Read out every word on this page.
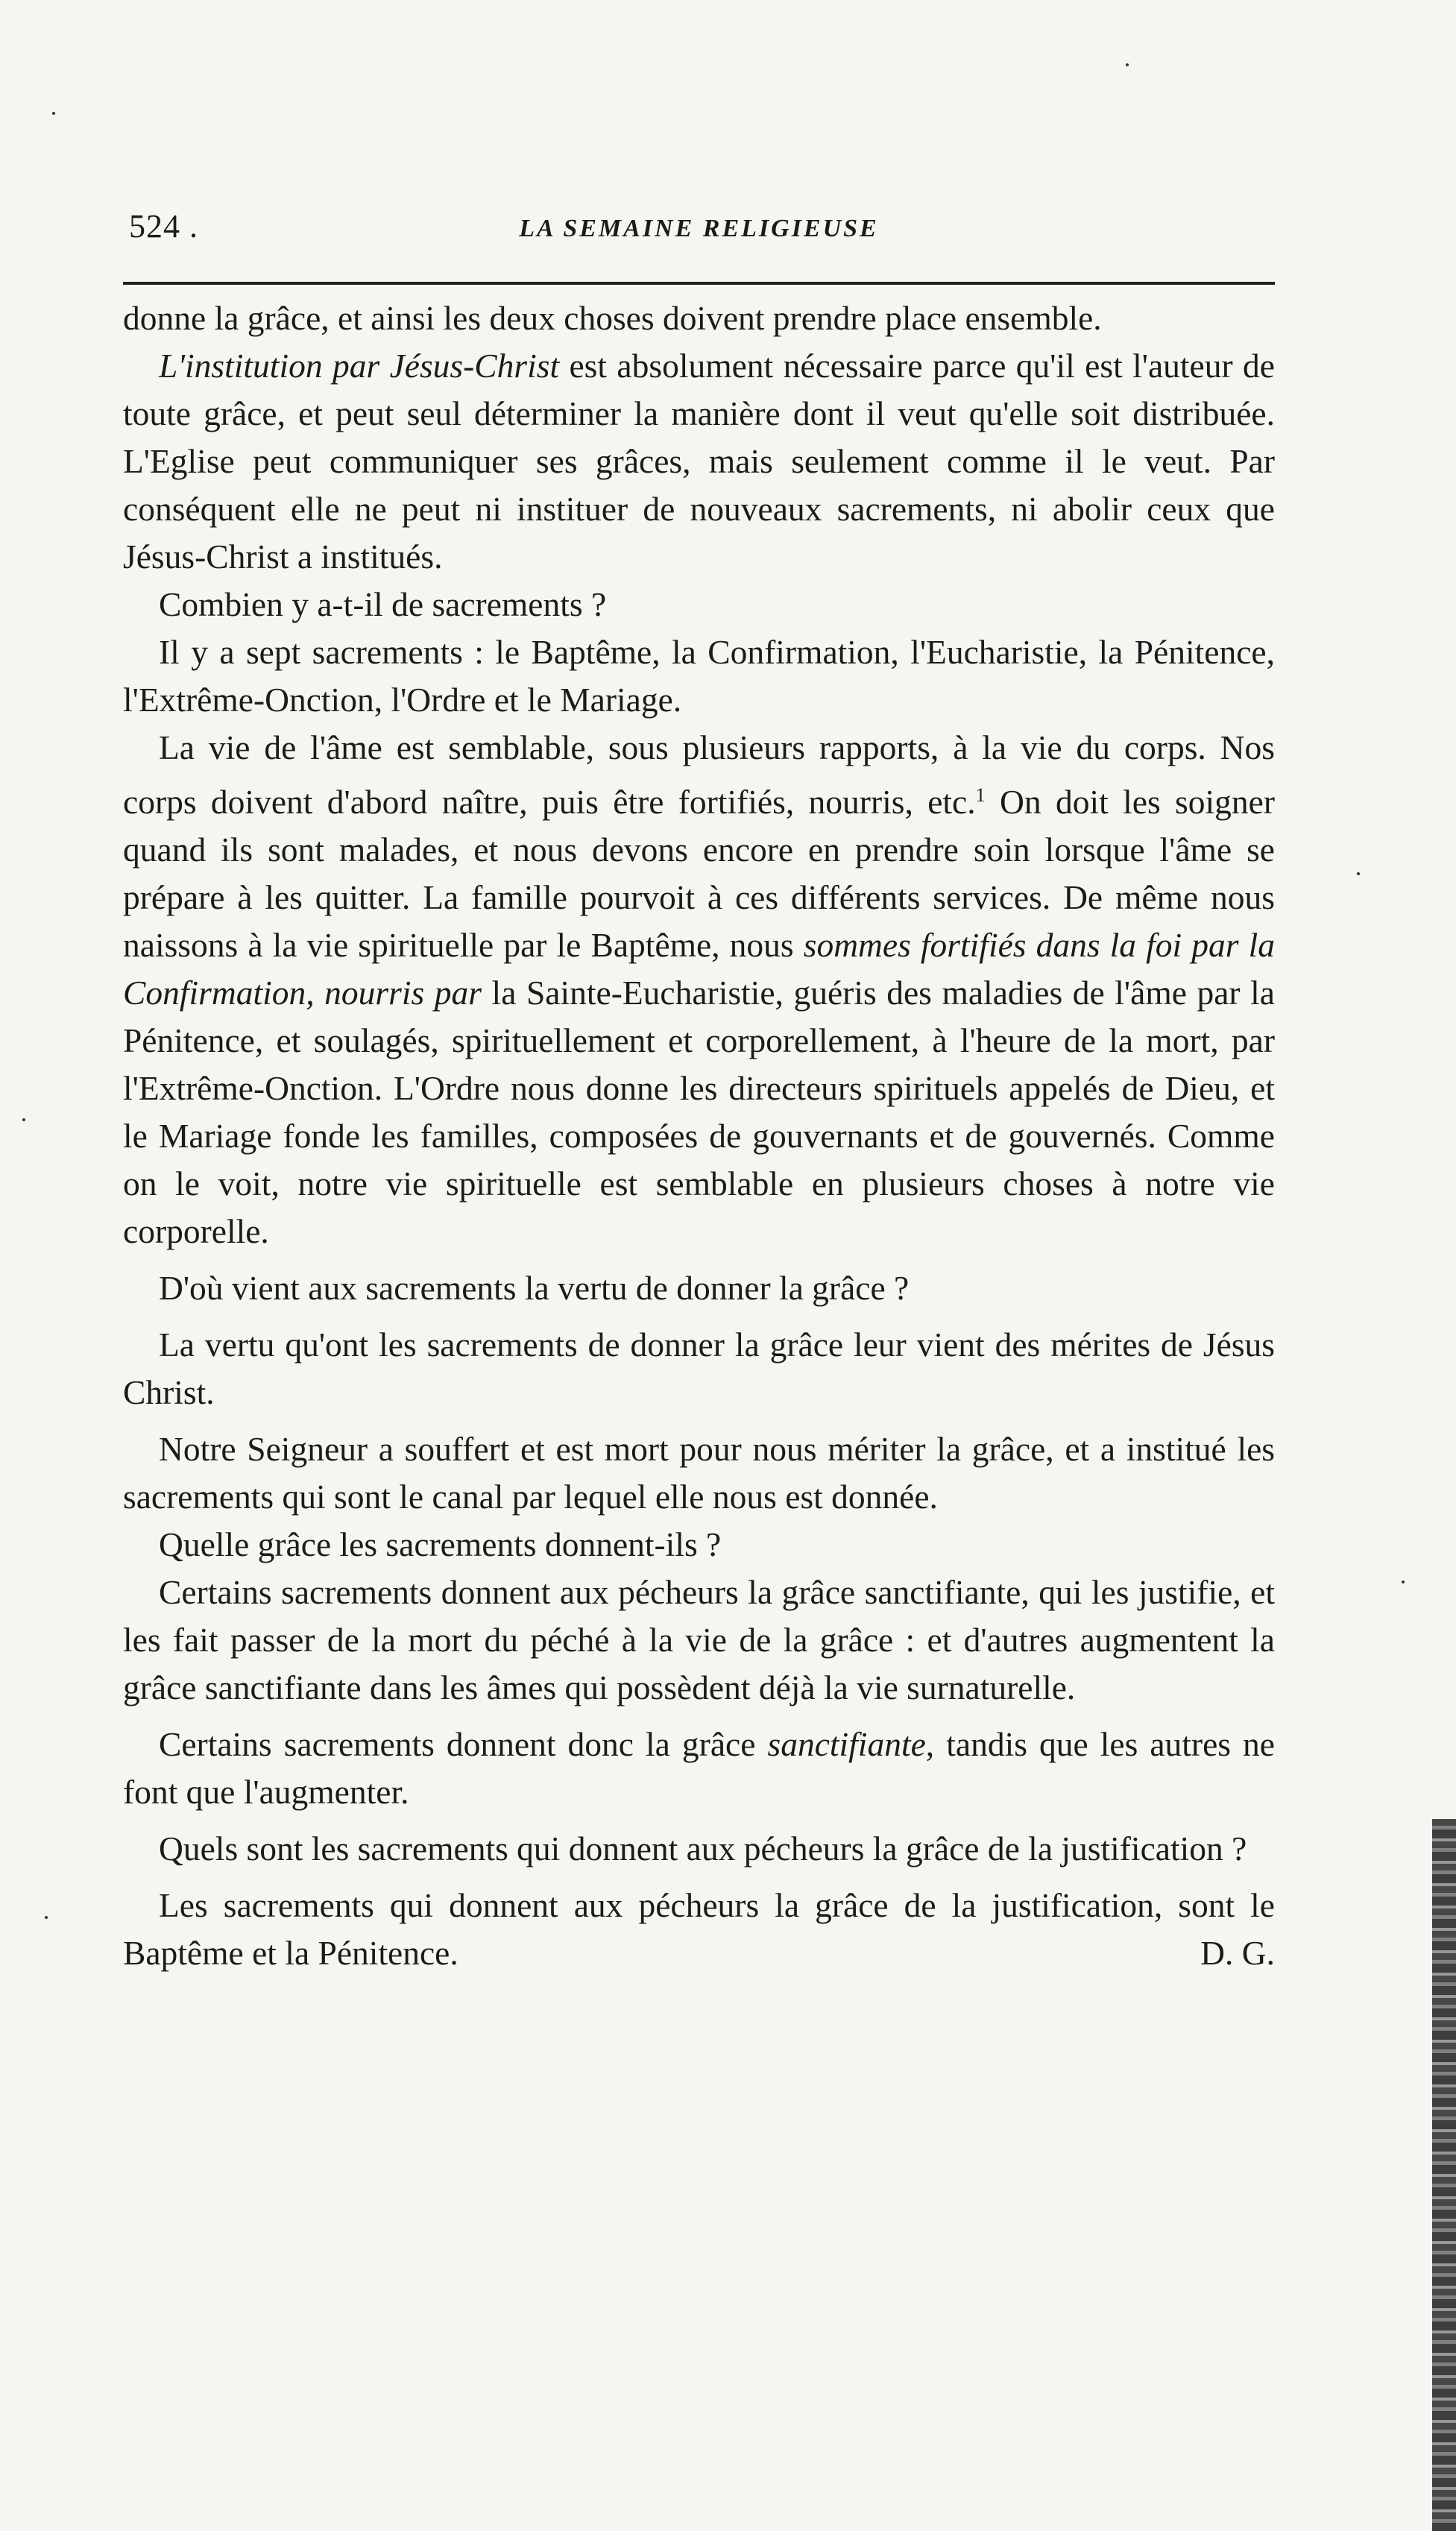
524 .	LA SEMAINE RELIGIEUSE

donne la grâce, et ainsi les deux choses doivent prendre place ensemble.

L'institution par Jésus-Christ est absolument nécessaire parce qu'il est l'auteur de toute grâce, et peut seul déterminer la manière dont il veut qu'elle soit distribuée. L'Eglise peut communiquer ses grâces, mais seulement comme il le veut. Par conséquent elle ne peut ni instituer de nouveaux sacrements, ni abolir ceux que Jésus-Christ a institués.

Combien y a-t-il de sacrements ?

Il y a sept sacrements : le Baptême, la Confirmation, l'Eucharistie, la Pénitence, l'Extrême-Onction, l'Ordre et le Mariage.

La vie de l'âme est semblable, sous plusieurs rapports, à la vie du corps. Nos corps doivent d'abord naître, puis être fortifiés, nourris, etc.$^1$ On doit les soigner quand ils sont malades, et nous devons encore en prendre soin lorsque l'âme se prépare à les quitter. La famille pourvoit à ces différents services. De même nous naissons à la vie spirituelle par le Baptême, nous sommes fortifiés dans la foi par la Confirmation, nourris par la Sainte-Eucharistie, guéris des maladies de l'âme par la Pénitence, et soulagés, spirituellement et corporellement, à l'heure de la mort, par l'Extrême-Onction. L'Ordre nous donne les directeurs spirituels appelés de Dieu, et le Mariage fonde les familles, composées de gouvernants et de gouvernés. Comme on le voit, notre vie spirituelle est semblable en plusieurs choses à notre vie corporelle.

D'où vient aux sacrements la vertu de donner la grâce ?

La vertu qu'ont les sacrements de donner la grâce leur vient des mérites de Jésus Christ.

Notre Seigneur a souffert et est mort pour nous mériter la grâce, et a institué les sacrements qui sont le canal par lequel elle nous est donnée.

Quelle grâce les sacrements donnent-ils ?

Certains sacrements donnent aux pécheurs la grâce sanctifiante, qui les justifie, et les fait passer de la mort du péché à la vie de la grâce : et d'autres augmentent la grâce sanctifiante dans les âmes qui possèdent déjà la vie surnaturelle.

Certains sacrements donnent donc la grâce sanctifiante, tandis que les autres ne font que l'augmenter.

Quels sont les sacrements qui donnent aux pécheurs la grâce de la justification ?

Les sacrements qui donnent aux pécheurs la grâce de la justification, sont le Baptême et la Pénitence.	D. G.
